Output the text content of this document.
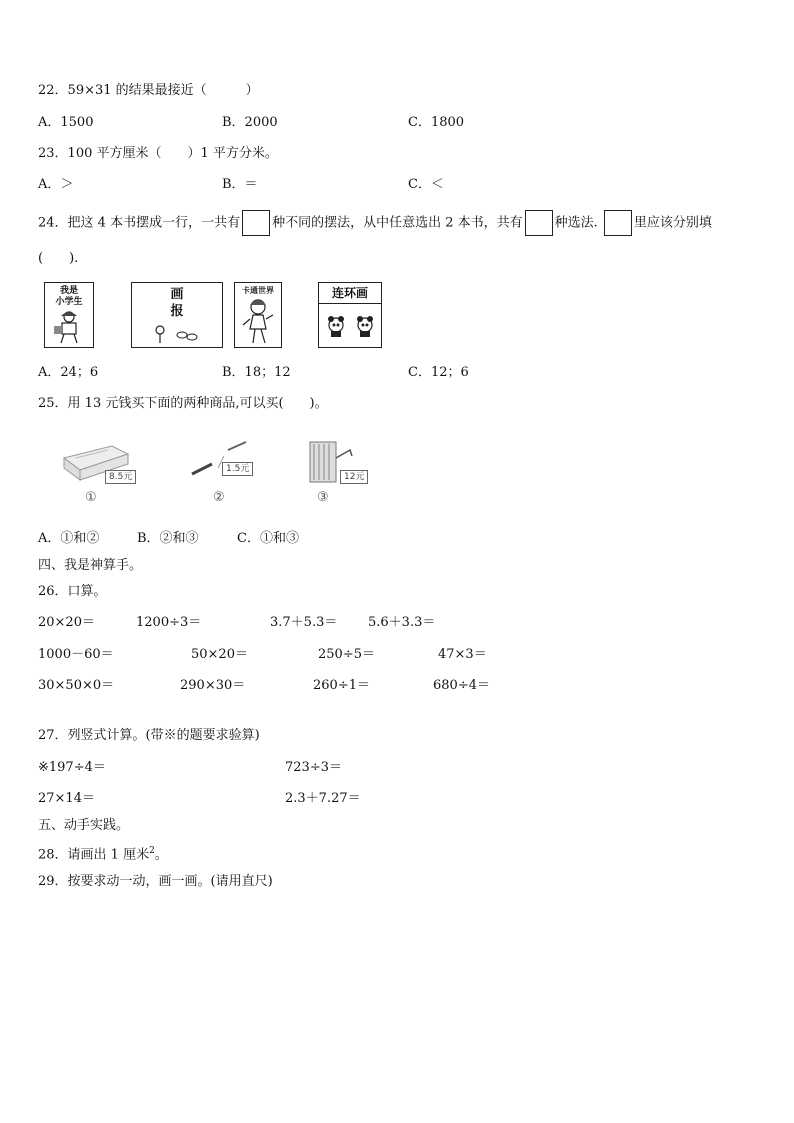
22．59×31 的结果最接近（　　　）
A．1500	B．2000	C．1800
23．100 平方厘米（　　）1 平方分米。
A．＞	B．＝	C．＜
24．把这 4 本书摆成一行，一共有 种不同的摆法，从中任意选出 2 本书，共有 种选法.	里应该分别填
(　　).
我是
小学生	画
报
卡通世界	连环画
A．24；6	B．18；12	C．12；6
25．用 13 元钱买下面的两种商品,可以买(　　)。
8.5元
①
1.5元
②
12元
③
A．①和②	B．②和③	C．①和③
四、我是神算手。
26．口算。
20×20＝	1200÷3＝	3.7＋5.3＝ 5.6＋3.3＝
1000－60＝	50×20＝	250÷5＝	47×3＝
30×50×0＝	290×30＝	260÷1＝	680÷4＝
27．列竖式计算。(带※的题要求验算)
※197÷4＝	723÷3＝
27×14＝	2.3＋7.27＝
五、动手实践。
28．请画出 1 厘米$^2$。
29．按要求动一动，画一画。(请用直尺)
